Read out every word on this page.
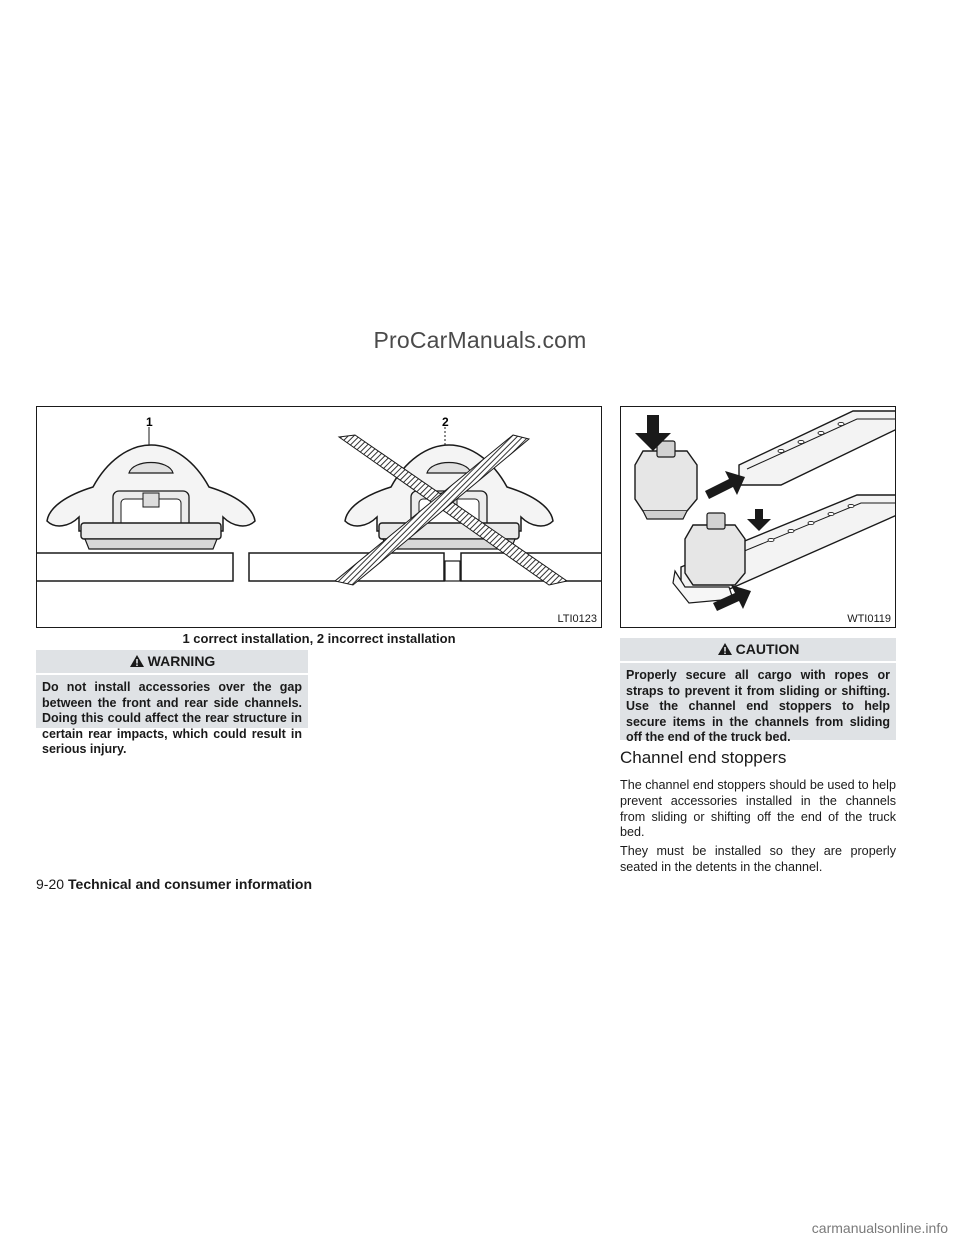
ProCarManuals.com
1	2
LTI0123
1 correct installation, 2 incorrect installation
WTI0119
WARNING
Do not install accessories over the gap between the front and rear side channels. Doing this could affect the rear structure in certain rear impacts, which could result in serious injury.
CAUTION
Properly secure all cargo with ropes or straps to prevent it from sliding or shifting. Use the channel end stoppers to help secure items in the channels from sliding off the end of the truck bed.
Channel end stoppers
The channel end stoppers should be used to help prevent accessories installed in the channels from sliding or shifting off the end of the truck bed.
They must be installed so they are properly seated in the detents in the channel.
9-20 Technical and consumer information
carmanualsonline.info
